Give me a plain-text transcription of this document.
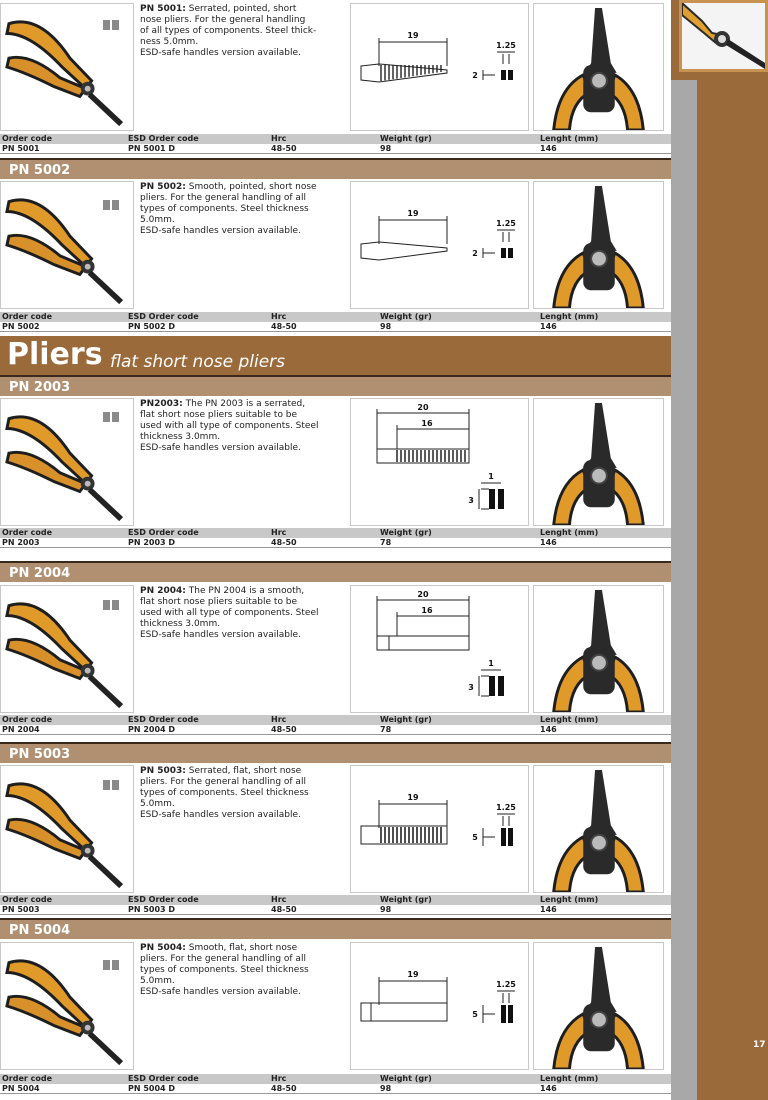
17
Pliers flat short nose pliers
PN 5001: Serrated, pointed, short
nose pliers. For the general handling
of all types of components. Steel thick-
ness 5.0mm.
ESD-safe handles version available.
19
1.25
2
Order code	ESD Order code	Hrc	Weight (gr)	Lenght (mm)
PN 5001	PN 5001 D	48-50	98	146
PN 5002
PN 5002: Smooth, pointed, short nose
pliers. For the general handling of all
types of components. Steel thickness
5.0mm.
ESD-safe handles version available.
19
1.25
2
Order code	ESD Order code	Hrc	Weight (gr)	Lenght (mm)
PN 5002	PN 5002 D	48-50	98	146
PN 2003
PN2003: The PN 2003 is a serrated,
flat short nose pliers suitable to be
used with all type of components. Steel
thickness 3.0mm.
ESD-safe handles version available.
20
16
1
3
Order code	ESD Order code	Hrc	Weight (gr)	Lenght (mm)
PN 2003	PN 2003 D	48-50	78	146
PN 2004
PN 2004: The PN 2004 is a smooth,
flat short nose pliers suitable to be
used with all type of components. Steel
thickness 3.0mm.
ESD-safe handles version available.
20
16
1
3
Order code	ESD Order code	Hrc	Weight (gr)	Lenght (mm)
PN 2004	PN 2004 D	48-50	78	146
PN 5003
PN 5003: Serrated, flat, short nose
pliers. For the general handling of all
types of components. Steel thickness
5.0mm.
ESD-safe handles version available.
19
1.25
5
Order code	ESD Order code	Hrc	Weight (gr)	Lenght (mm)
PN 5003	PN 5003 D	48-50	98	146
PN 5004
PN 5004: Smooth, flat, short nose
pliers. For the general handling of all
types of components. Steel thickness
5.0mm.
ESD-safe handles version available.
19
1.25
5
Order code	ESD Order code	Hrc	Weight (gr)	Lenght (mm)
PN 5004	PN 5004 D	48-50	98	146
